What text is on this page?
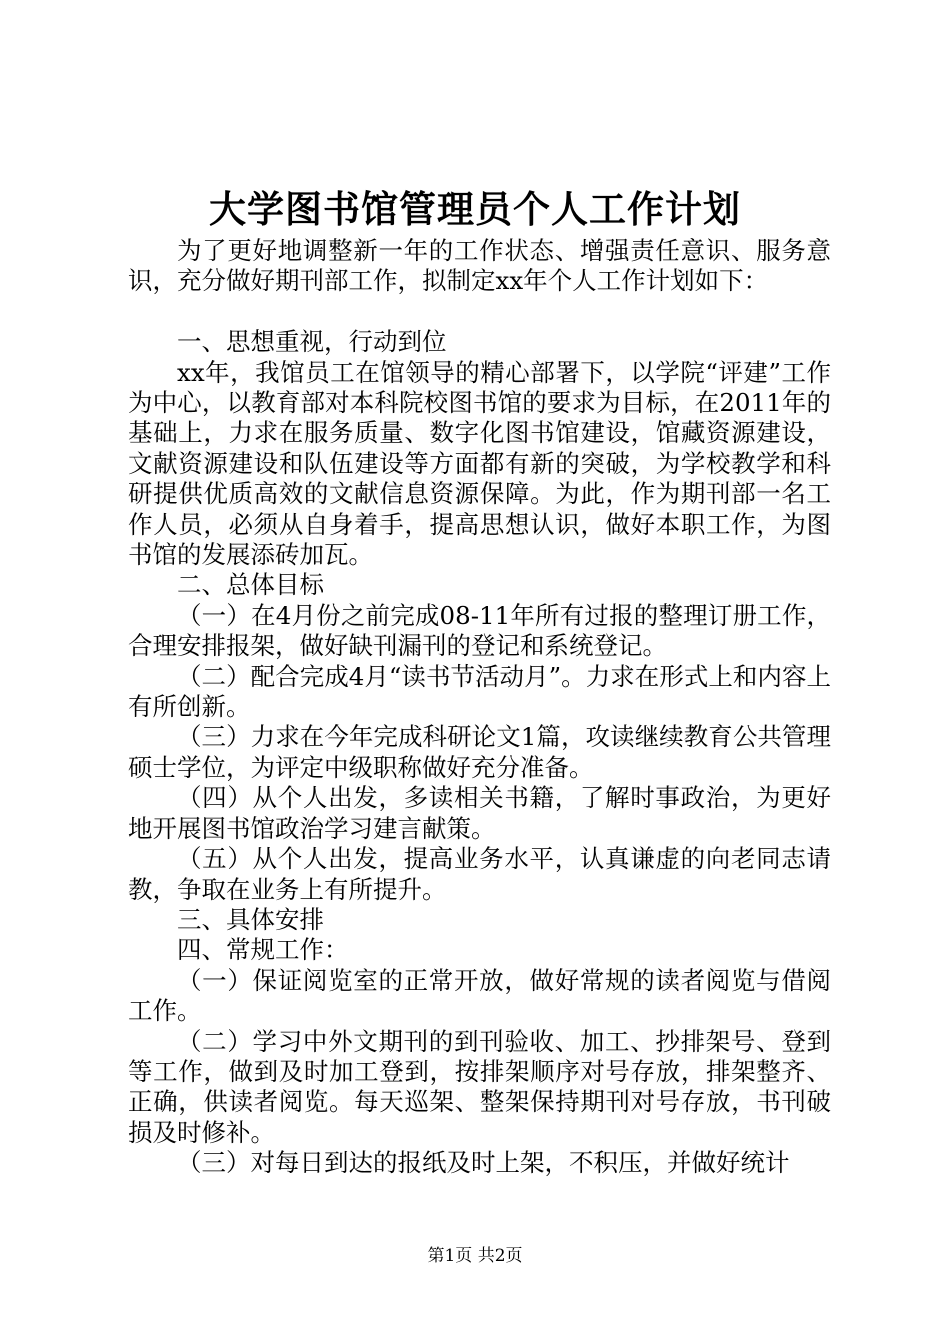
大学图书馆管理员个人工作计划

为了更好地调整新一年的工作状态、增强责任意识、服务意识，充分做好期刊部工作，拟制定xx年个人工作计划如下：

一、思想重视，行动到位

xx年，我馆员工在馆领导的精心部署下，以学院“评建”工作为中心，以教育部对本科院校图书馆的要求为目标，在2011年的基础上，力求在服务质量、数字化图书馆建设，馆藏资源建设，文献资源建设和队伍建设等方面都有新的突破，为学校教学和科研提供优质高效的文献信息资源保障。为此，作为期刊部一名工作人员，必须从自身着手，提高思想认识，做好本职工作，为图书馆的发展添砖加瓦。

二、总体目标

（一）在4月份之前完成08-11年所有过报的整理订册工作，合理安排报架，做好缺刊漏刊的登记和系统登记。

（二）配合完成4月“读书节活动月”。力求在形式上和内容上有所创新。

（三）力求在今年完成科研论文1篇，攻读继续教育公共管理硕士学位，为评定中级职称做好充分准备。

（四）从个人出发，多读相关书籍，了解时事政治，为更好地开展图书馆政治学习建言献策。

（五）从个人出发，提高业务水平，认真谦虚的向老同志请教，争取在业务上有所提升。

三、具体安排

四、常规工作：

（一）保证阅览室的正常开放，做好常规的读者阅览与借阅工作。

（二）学习中外文期刊的到刊验收、加工、抄排架号、登到等工作，做到及时加工登到，按排架顺序对号存放，排架整齐、正确，供读者阅览。每天巡架、整架保持期刊对号存放，书刊破损及时修补。

（三）对每日到达的报纸及时上架，不积压，并做好统计

第1页 共2页
